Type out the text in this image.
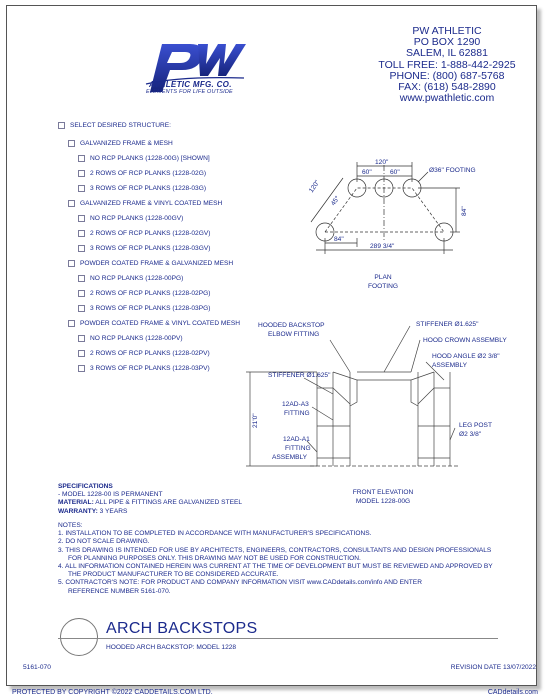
ATHLETIC MFG. CO.
ELEMENTS FOR LIFE OUTSIDE
PW ATHLETIC
PO BOX 1290
SALEM, IL 62881
TOLL FREE: 1-888-442-2925
PHONE: (800) 687-5768
FAX: (618) 548-2890
www.pwathletic.com
SELECT DESIRED STRUCTURE:
GALVANIZED FRAME & MESH
NO RCP PLANKS (1228-00G) [SHOWN]
2 ROWS OF RCP PLANKS (1228-02G)
3 ROWS OF RCP PLANKS (1228-03G)
GALVANIZED FRAME & VINYL COATED MESH
NO RCP PLANKS (1228-00GV)
2 ROWS OF RCP PLANKS (1228-02GV)
3 ROWS OF RCP PLANKS (1228-03GV)
POWDER COATED FRAME & GALVANIZED MESH
NO RCP PLANKS (1228-00PG)
2 ROWS OF RCP PLANKS (1228-02PG)
3 ROWS OF RCP PLANKS (1228-03PG)
POWDER COATED FRAME & VINYL COATED MESH
NO RCP PLANKS (1228-00PV)
2 ROWS OF RCP PLANKS (1228-02PV)
3 ROWS OF RCP PLANKS (1228-03PV)
120"
60"	60"	Ø36" FOOTING
120"
45°
84"
84"
289 3/4"
PLAN
FOOTING
HOODED BACKSTOP
ELBOW FITTING
STIFFENER Ø1.625"
HOOD CROWN ASSEMBLY
HOOD ANGLE Ø2 3/8"
ASSEMBLY
STIFFENER Ø1.625"
12AD-A3
FITTING
12AD-A1
FITTING
ASSEMBLY
LEG POST
Ø2 3/8"
21'0"
FRONT ELEVATION
MODEL 1228-00G
SPECIFICATIONS
- MODEL 1228-00 IS PERMANENT
MATERIAL: ALL PIPE & FITTINGS ARE GALVANIZED STEEL
WARRANTY: 3 YEARS
NOTES:
1. INSTALLATION TO BE COMPLETED IN ACCORDANCE WITH MANUFACTURER'S SPECIFICATIONS.
2. DO NOT SCALE DRAWING.
3. THIS DRAWING IS INTENDED FOR USE BY ARCHITECTS, ENGINEERS, CONTRACTORS, CONSULTANTS AND DESIGN PROFESSIONALS
FOR PLANNING PURPOSES ONLY. THIS DRAWING MAY NOT BE USED FOR CONSTRUCTION.
4. ALL INFORMATION CONTAINED HEREIN WAS CURRENT AT THE TIME OF DEVELOPMENT BUT MUST BE REVIEWED AND APPROVED BY
THE PRODUCT MANUFACTURER TO BE CONSIDERED ACCURATE.
5. CONTRACTOR'S NOTE: FOR PRODUCT AND COMPANY INFORMATION VISIT www.CADdetails.com/info AND ENTER
REFERENCE NUMBER 5161-070.
ARCH BACKSTOPS
HOODED ARCH BACKSTOP: MODEL 1228
5161-070	REVISION DATE 13/07/2022
PROTECTED BY COPYRIGHT ©2022 CADDETAILS.COM LTD.	CADdetails.com
